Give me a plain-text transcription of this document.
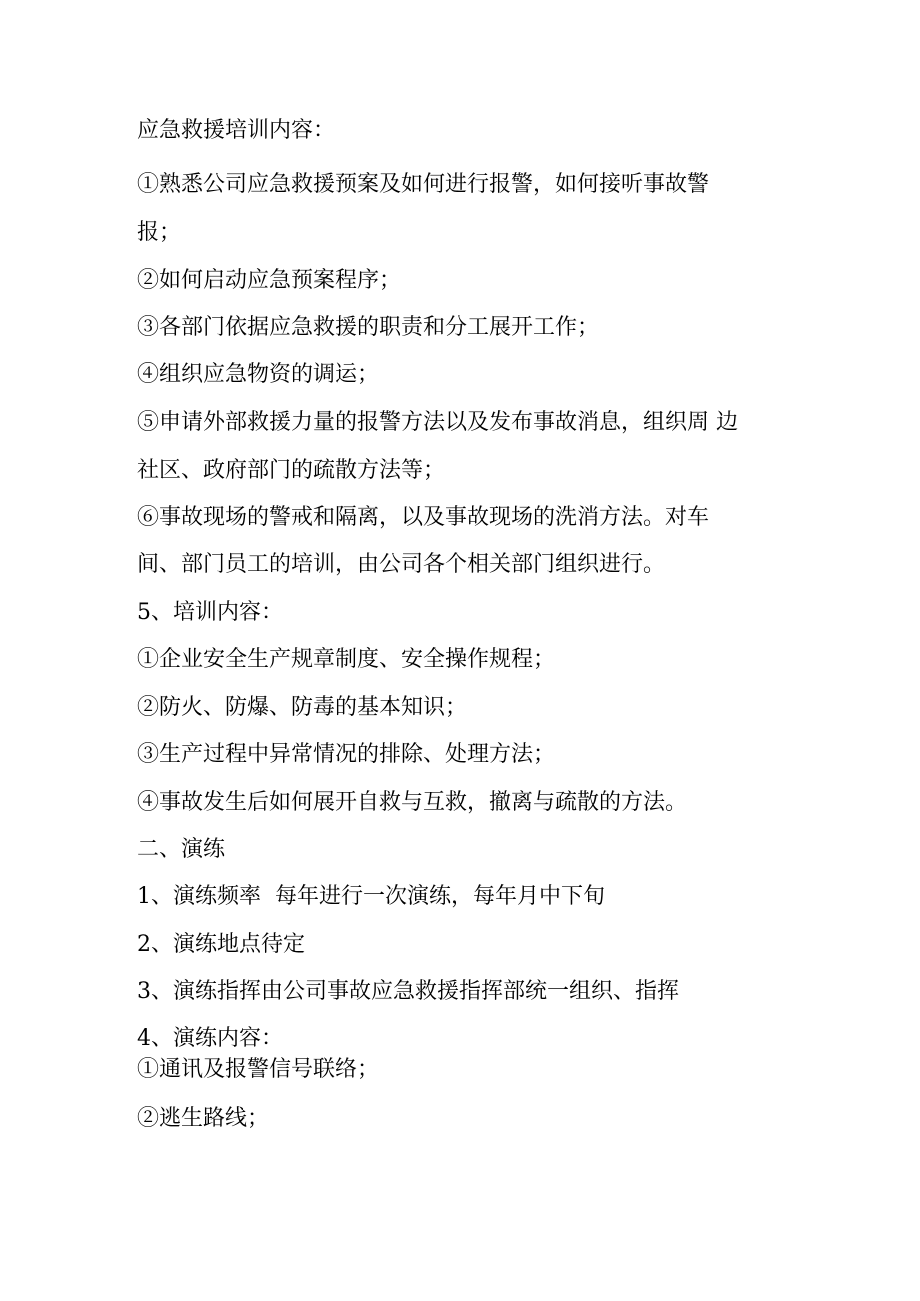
应急救援培训内容：

①熟悉公司应急救援预案及如何进行报警，如何接听事故警

报；

②如何启动应急预案程序；

③各部门依据应急救援的职责和分工展开工作；

④组织应急物资的调运；

⑤申请外部救援力量的报警方法以及发布事故消息，组织周 边

社区、政府部门的疏散方法等；

⑥事故现场的警戒和隔离，以及事故现场的洗消方法。对车

间、部门员工的培训，由公司各个相关部门组织进行。

5、培训内容：

①企业安全生产规章制度、安全操作规程；

②防火、防爆、防毒的基本知识；

③生产过程中异常情况的排除、处理方法；

④事故发生后如何展开自救与互救，撤离与疏散的方法。

二、演练

1、演练频率  每年进行一次演练，每年月中下旬

2、演练地点待定

3、演练指挥由公司事故应急救援指挥部统一组织、指挥

4、演练内容：

①通讯及报警信号联络；

②逃生路线；
